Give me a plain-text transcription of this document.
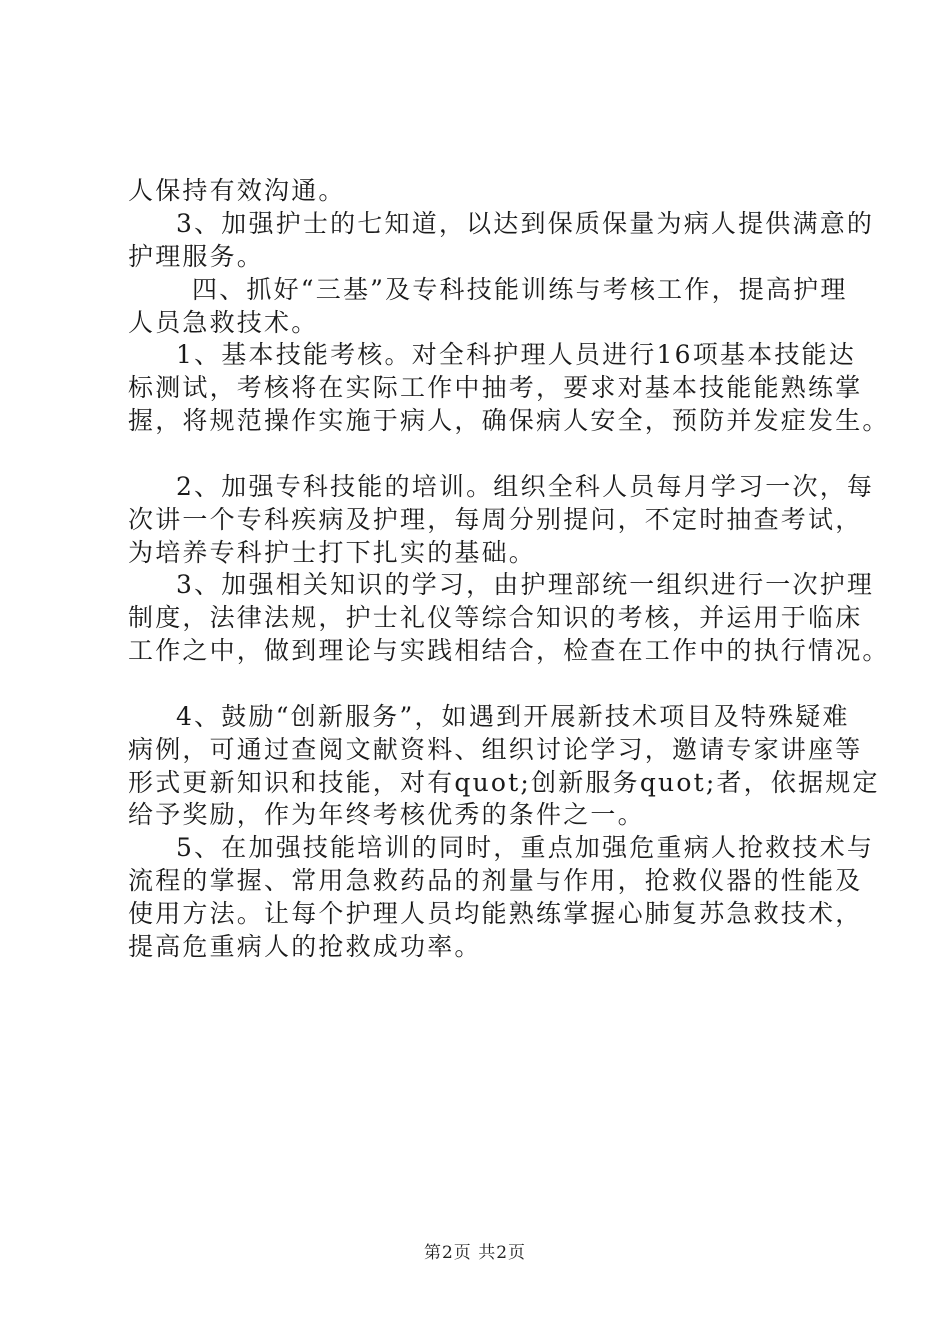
人保持有效沟通。
3、加强护士的七知道，以达到保质保量为病人提供满意的
护理服务。
四、抓好“三基”及专科技能训练与考核工作，提高护理
人员急救技术。
1、基本技能考核。对全科护理人员进行16项基本技能达
标测试，考核将在实际工作中抽考，要求对基本技能能熟练掌
握，将规范操作实施于病人，确保病人安全，预防并发症发生。
2、加强专科技能的培训。组织全科人员每月学习一次，每
次讲一个专科疾病及护理，每周分别提问，不定时抽查考试，
为培养专科护士打下扎实的基础。
3、加强相关知识的学习，由护理部统一组织进行一次护理
制度，法律法规，护士礼仪等综合知识的考核，并运用于临床
工作之中，做到理论与实践相结合，检查在工作中的执行情况。
4、鼓励“创新服务”，如遇到开展新技术项目及特殊疑难
病例，可通过查阅文献资料、组织讨论学习，邀请专家讲座等
形式更新知识和技能，对有quot;创新服务quot;者，依据规定
给予奖励，作为年终考核优秀的条件之一。
5、在加强技能培训的同时，重点加强危重病人抢救技术与
流程的掌握、常用急救药品的剂量与作用，抢救仪器的性能及
使用方法。让每个护理人员均能熟练掌握心肺复苏急救技术，
提高危重病人的抢救成功率。
第2页 共2页
